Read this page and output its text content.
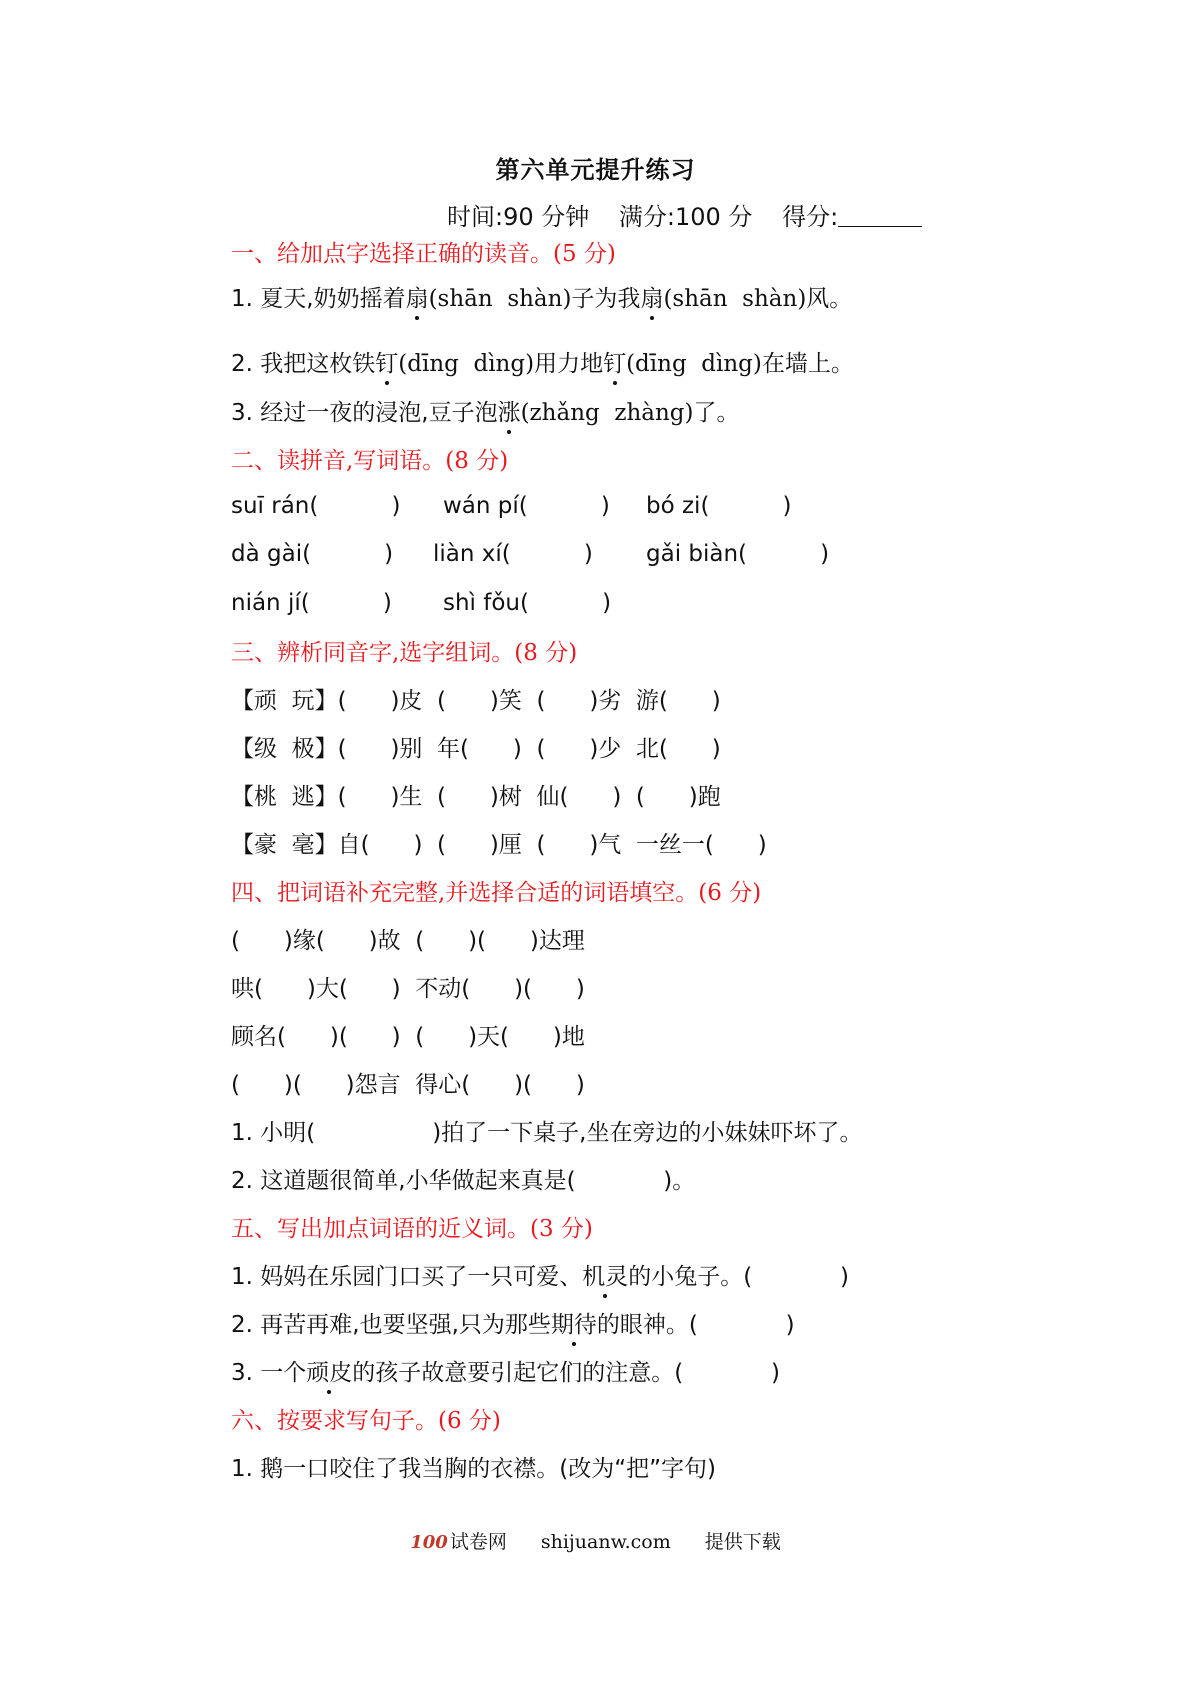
第六单元提升练习
时间:90 分钟 满分:100 分 得分:
一、给加点字选择正确的读音。(5 分)
1. 夏天,奶奶摇着扇(shān  shàn)子为我扇(shān  shàn)风。
2. 我把这枚铁钉(dīng  dìng)用力地钉(dīng  dìng)在墙上。
3. 经过一夜的浸泡,豆子泡涨(zhǎng  zhàng)了。
二、读拼音,写词语。(8 分)
suī rán(          ) wán pí(          ) bó zi(          )
dà gài(          ) liàn xí(          ) gǎi biàn(          )
nián jí(          ) shì fǒu(          )
三、辨析同音字,选字组词。(8 分)
【顽  玩】(      )皮  (      )笑  (      )劣  游(      )
【级  极】(      )别  年(      )  (      )少  北(      )
【桃  逃】(      )生  (      )树  仙(      )  (      )跑
【豪  毫】自(      )  (      )厘  (      )气  一丝一(      )
四、把词语补充完整,并选择合适的词语填空。(6 分)
(      )缘(      )故  (      )(      )达理
哄(      )大(      )  不动(      )(      )
顾名(      )(      )  (      )天(      )地
(      )(      )怨言  得心(      )(      )
1. 小明(                )拍了一下桌子,坐在旁边的小妹妹吓坏了。
2. 这道题很简单,小华做起来真是(            )。
五、写出加点词语的近义词。(3 分)
1. 妈妈在乐园门口买了一只可爱、机灵的小兔子。(            )
2. 再苦再难,也要坚强,只为那些期待的眼神。(            )
3. 一个顽皮的孩子故意要引起它们的注意。(            )
六、按要求写句子。(6 分)
1. 鹅一口咬住了我当胸的衣襟。(改为“把”字句)
100 试卷网 shijuanw.com 提供下载
